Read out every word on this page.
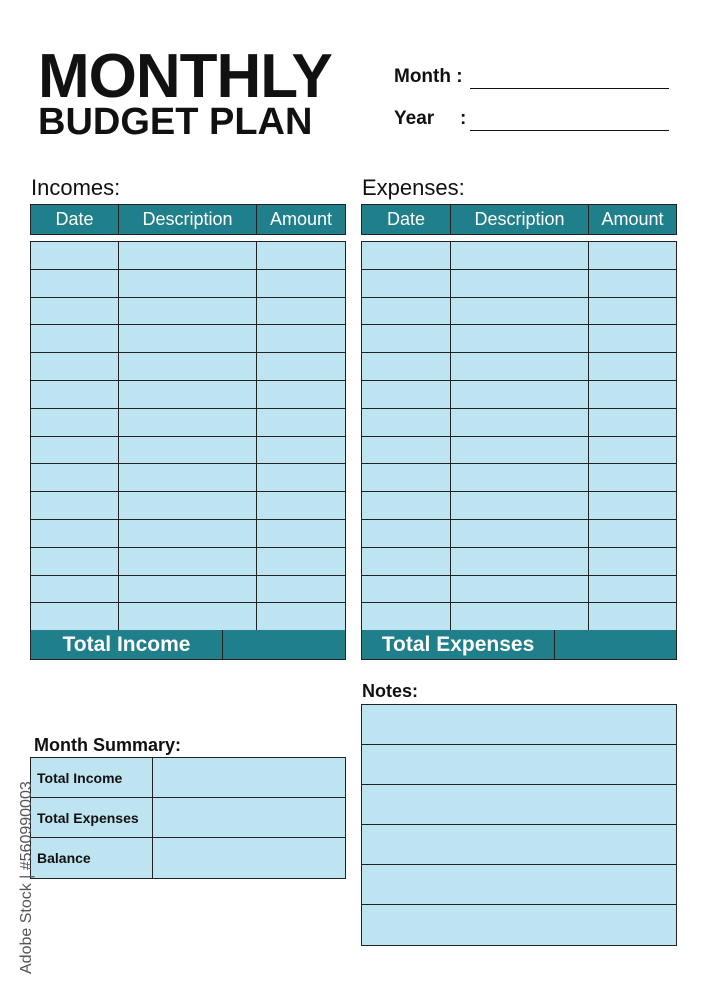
MONTHLY
BUDGET PLAN
Month :
Year :
Incomes:
Date	Description	Amount
Total Income
Expenses:
Date	Description	Amount
Total Expenses
Month Summary:
Total Income
Total Expenses
Balance
Notes:
Adobe Stock | #560990003
